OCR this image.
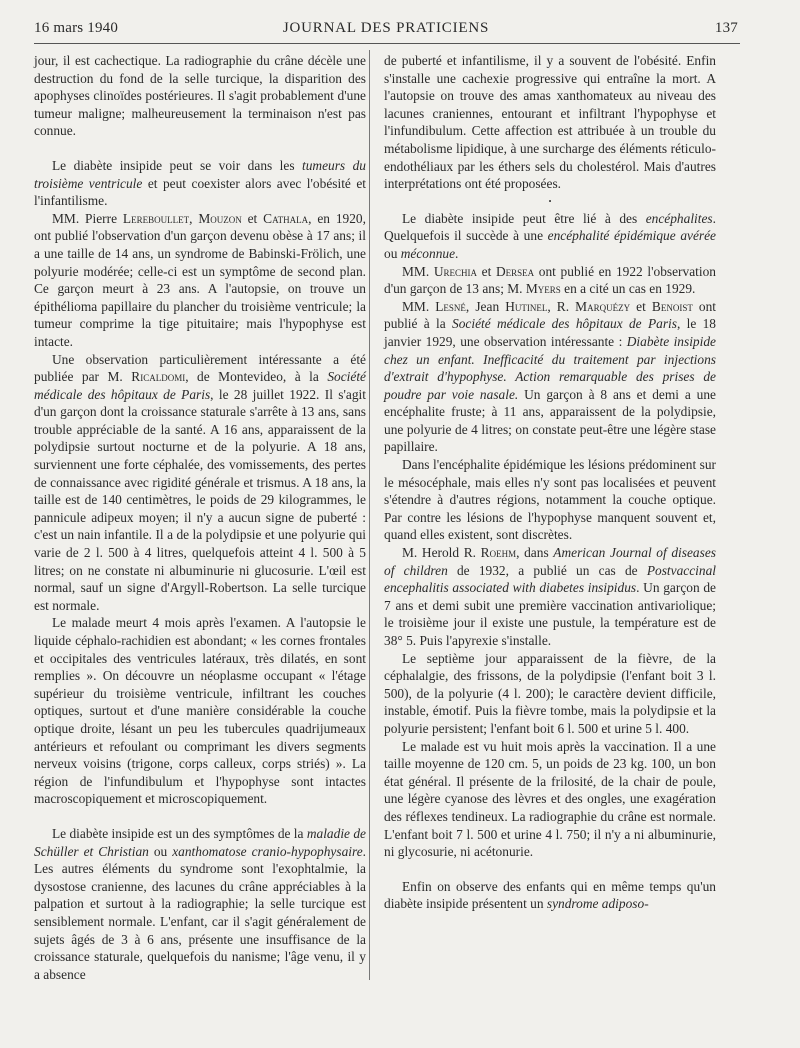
16 mars 1940	JOURNAL DES PRATICIENS	137

jour, il est cachectique. La radiographie du crâne décèle une destruction du fond de la selle turcique, la disparition des apophyses clinoïdes postérieures. Il s'agit probablement d'une tumeur maligne; malheureusement la terminaison n'est pas connue.

Le diabète insipide peut se voir dans les tumeurs du troisième ventricule et peut coexister alors avec l'obésité et l'infantilisme.

MM. Pierre Lereboullet, Mouzon et Cathala, en 1920, ont publié l'observation d'un garçon devenu obèse à 17 ans; il a une taille de 14 ans, un syndrome de Babinski-Frölich, une polyurie modérée; celle-ci est un symptôme de second plan. Ce garçon meurt à 23 ans. A l'autopsie, on trouve un épithélioma papillaire du plancher du troisième ventricule; la tumeur comprime la tige pituitaire; mais l'hypophyse est intacte.

Une observation particulièrement intéressante a été publiée par M. Ricaldomi, de Montevideo, à la Société médicale des hôpitaux de Paris, le 28 juillet 1922. Il s'agit d'un garçon dont la croissance staturale s'arrête à 13 ans, sans trouble appréciable de la santé. A 16 ans, apparaissent de la polydipsie surtout nocturne et de la polyurie. A 18 ans, surviennent une forte céphalée, des vomissements, des pertes de connaissance avec rigidité générale et trismus. A 18 ans, la taille est de 140 centimètres, le poids de 29 kilogrammes, le pannicule adipeux moyen; il n'y a aucun signe de puberté : c'est un nain infantile. Il a de la polydipsie et une polyurie qui varie de 2 l. 500 à 4 litres, quelquefois atteint 4 l. 500 à 5 litres; on ne constate ni albuminurie ni glucosurie. L'œil est normal, sauf un signe d'Argyll-Robertson. La selle turcique est normale.

Le malade meurt 4 mois après l'examen. A l'autopsie le liquide céphalo-rachidien est abondant; « les cornes frontales et occipitales des ventricules latéraux, très dilatés, en sont remplies ». On découvre un néoplasme occupant « l'étage supérieur du troisième ventricule, infiltrant les couches optiques, surtout et d'une manière considérable la couche optique droite, lésant un peu les tubercules quadrijumeaux antérieurs et refoulant ou comprimant les divers segments nerveux voisins (trigone, corps calleux, corps striés) ». La région de l'infundibulum et l'hypophyse sont intactes macroscopiquement et microscopiquement.

Le diabète insipide est un des symptômes de la maladie de Schüller et Christian ou xanthomatose cranio-hypophysaire. Les autres éléments du syndrome sont l'exophtalmie, la dysostose cranienne, des lacunes du crâne appréciables à la palpation et surtout à la radiographie; la selle turcique est sensiblement normale. L'enfant, car il s'agit généralement de sujets âgés de 3 à 6 ans, présente une insuffisance de la croissance staturale, quelquefois du nanisme; l'âge venu, il y a absence

de puberté et infantilisme, il y a souvent de l'obésité. Enfin s'installe une cachexie progressive qui entraîne la mort. A l'autopsie on trouve des amas xanthomateux au niveau des lacunes craniennes, entourant et infiltrant l'hypophyse et l'infundibulum. Cette affection est attribuée à un trouble du métabolisme lipidique, à une surcharge des éléments réticulo-endothéliaux par les éthers sels du cholestérol. Mais d'autres interprétations ont été proposées.

•

Le diabète insipide peut être lié à des encéphalites. Quelquefois il succède à une encéphalité épidémique avérée ou méconnue.

MM. Urechia et Dersea ont publié en 1922 l'observation d'un garçon de 13 ans; M. Myers en a cité un cas en 1929.

MM. Lesné, Jean Hutinel, R. Marquézy et Benoist ont publié à la Société médicale des hôpitaux de Paris, le 18 janvier 1929, une observation intéressante : Diabète insipide chez un enfant. Inefficacité du traitement par injections d'extrait d'hypophyse. Action remarquable des prises de poudre par voie nasale. Un garçon à 8 ans et demi a une encéphalite fruste; à 11 ans, apparaissent de la polydipsie, une polyurie de 4 litres; on constate peut-être une légère stase papillaire.

Dans l'encéphalite épidémique les lésions prédominent sur le mésocéphale, mais elles n'y sont pas localisées et peuvent s'étendre à d'autres régions, notamment la couche optique. Par contre les lésions de l'hypophyse manquent souvent et, quand elles existent, sont discrètes.

M. Herold R. Roehm, dans American Journal of diseases of children de 1932, a publié un cas de Postvaccinal encephalitis associated with diabetes insipidus. Un garçon de 7 ans et demi subit une première vaccination antivariolique; le troisième jour il existe une pustule, la température est de 38° 5. Puis l'apyrexie s'installe.

Le septième jour apparaissent de la fièvre, de la céphalalgie, des frissons, de la polydipsie (l'enfant boit 3 l. 500), de la polyurie (4 l. 200); le caractère devient difficile, instable, émotif. Puis la fièvre tombe, mais la polydipsie et la polyurie persistent; l'enfant boit 6 l. 500 et urine 5 l. 400.

Le malade est vu huit mois après la vaccination. Il a une taille moyenne de 120 cm. 5, un poids de 23 kg. 100, un bon état général. Il présente de la frilosité, de la chair de poule, une légère cyanose des lèvres et des ongles, une exagération des réflexes tendineux. La radiographie du crâne est normale. L'enfant boit 7 l. 500 et urine 4 l. 750; il n'y a ni albuminurie, ni glycosurie, ni acétonurie.

Enfin on observe des enfants qui en même temps qu'un diabète insipide présentent un syndrome adiposo-
